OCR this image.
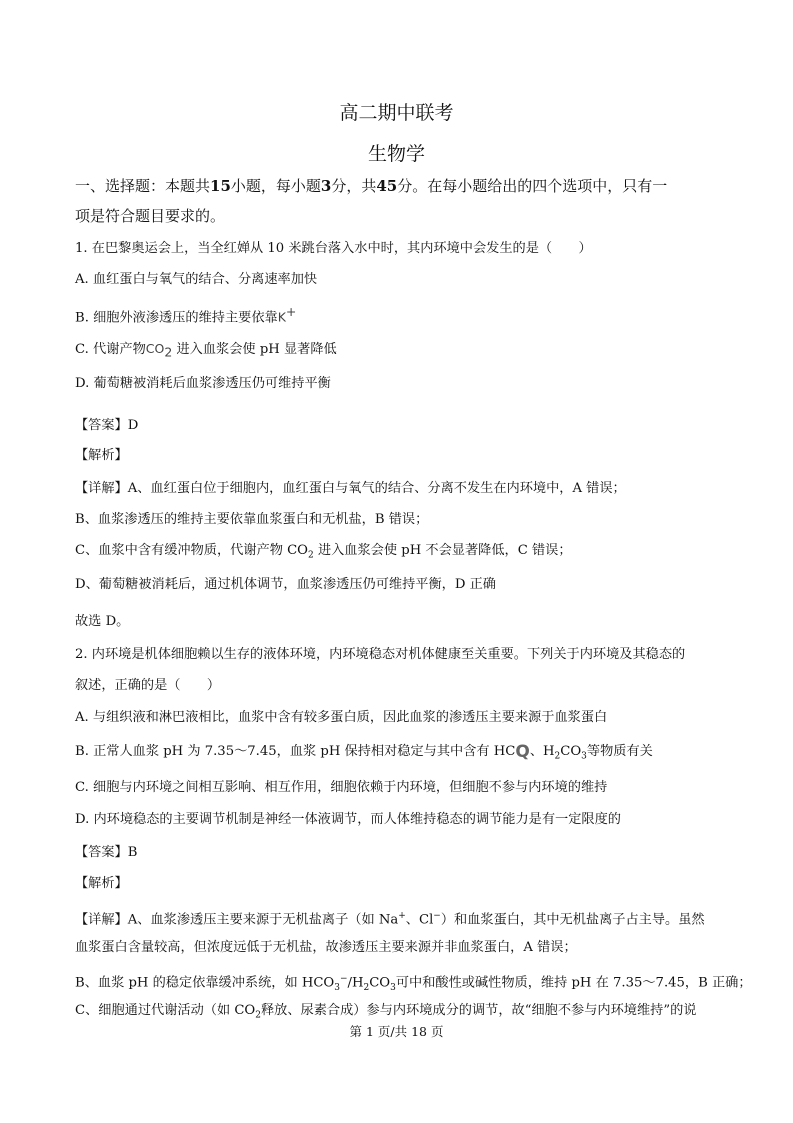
高二期中联考
生物学
一、选择题：本题共15小题，每小题3分，共45分。在每小题给出的四个选项中，只有一
项是符合题目要求的。
1. 在巴黎奥运会上，当全红婵从 10 米跳台落入水中时，其内环境中会发生的是（　　）
A. 血红蛋白与氧气的结合、分离速率加快
B. 细胞外液渗透压的维持主要依靠K+
C. 代谢产物$CO_2$ 进入血浆会使 pH 显著降低
D. 葡萄糖被消耗后血浆渗透压仍可维持平衡
【答案】D
【解析】
【详解】A、血红蛋白位于细胞内，血红蛋白与氧气的结合、分离不发生在内环境中，A 错误；
B、血浆渗透压的维持主要依靠血浆蛋白和无机盐，B 错误；
C、血浆中含有缓冲物质，代谢产物 $CO_2$ 进入血浆会使 pH 不会显著降低，C 错误；
D、葡萄糖被消耗后，通过机体调节，血浆渗透压仍可维持平衡，D 正确
故选 D。
2. 内环境是机体细胞赖以生存的液体环境，内环境稳态对机体健康至关重要。下列关于内环境及其稳态的
叙述，正确的是（　　）
A. 与组织液和淋巴液相比，血浆中含有较多蛋白质，因此血浆的渗透压主要来源于血浆蛋白
B. 正常人血浆 pH 为 7.35～7.45，血浆 pH 保持相对稳定与其中含有 HCQ、$H_2CO_3$等物质有关
C. 细胞与内环境之间相互影响、相互作用，细胞依赖于内环境，但细胞不参与内环境的维持
D. 内环境稳态的主要调节机制是神经一体液调节，而人体维持稳态的调节能力是有一定限度的
【答案】B
【解析】
【详解】A、血浆渗透压主要来源于无机盐离子（如 Na+、Cl−）和血浆蛋白，其中无机盐离子占主导。虽然
血浆蛋白含量较高，但浓度远低于无机盐，故渗透压主要来源并非血浆蛋白，A 错误；
B、血浆 pH 的稳定依靠缓冲系统，如 $HCO_3^-/H_2CO_3$可中和酸性或碱性物质，维持 pH 在 7.35～7.45，B 正确；
C、细胞通过代谢活动（如 $CO_2$释放、尿素合成）参与内环境成分的调节，故“细胞不参与内环境维持”的说
第 1 页/共 18 页
